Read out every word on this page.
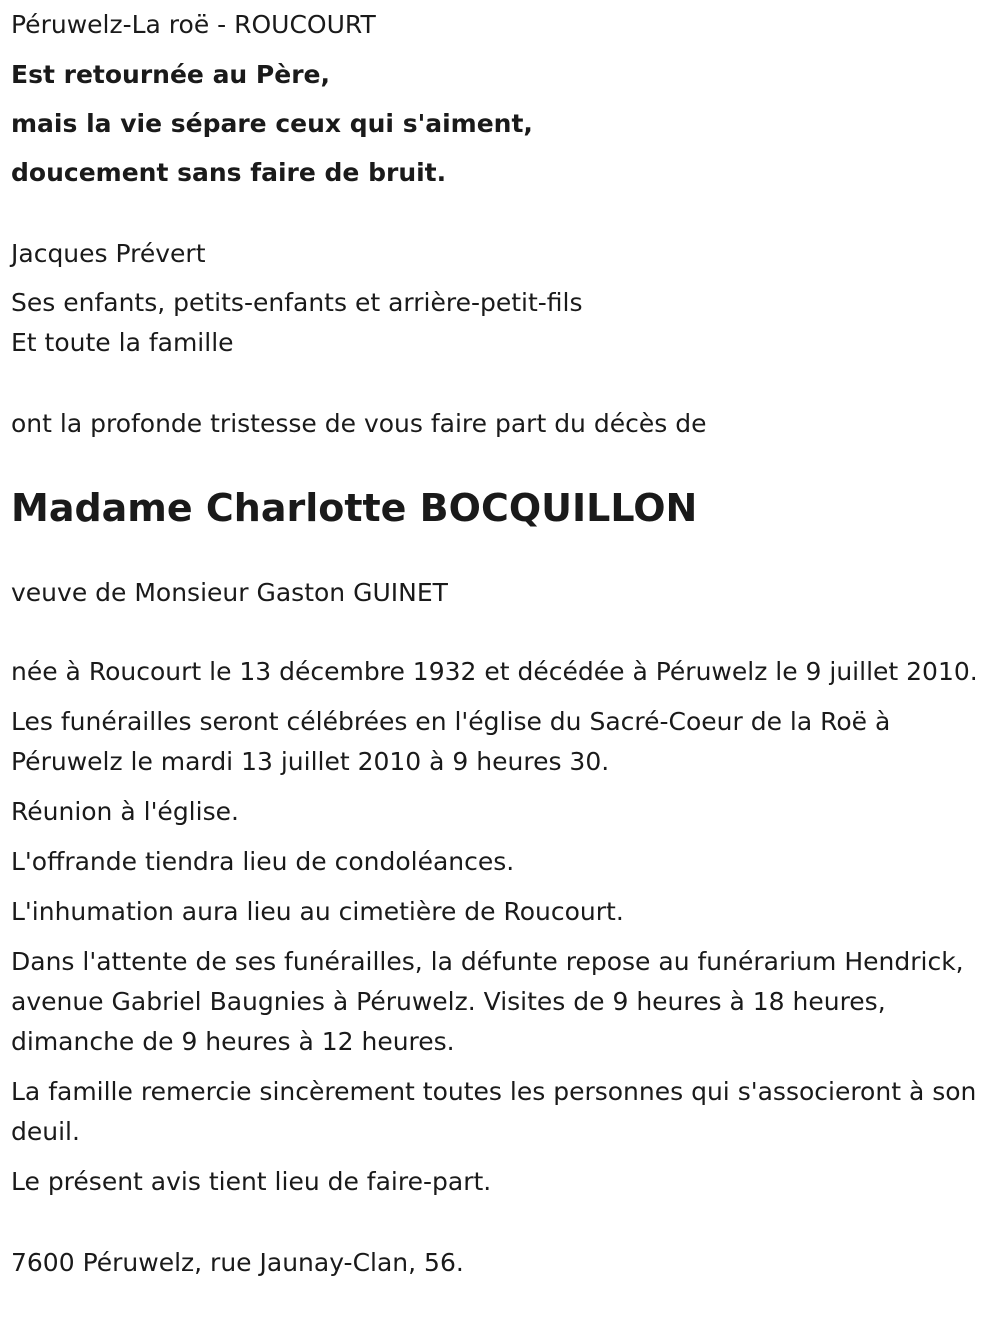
Péruwelz-La roë - ROUCOURT

Est retournée au Père,

mais la vie sépare ceux qui s'aiment,

doucement sans faire de bruit.

Jacques Prévert

Ses enfants, petits-enfants et arrière-petit-fils

Et toute la famille

ont la profonde tristesse de vous faire part du décès de

Madame Charlotte BOCQUILLON

veuve de Monsieur Gaston GUINET

née à Roucourt le 13 décembre 1932 et décédée à Péruwelz le 9 juillet 2010.

Les funérailles seront célébrées en l'église du Sacré-Coeur de la Roë à Péruwelz le mardi 13 juillet 2010 à 9 heures 30.

Réunion à l'église.

L'offrande tiendra lieu de condoléances.

L'inhumation aura lieu au cimetière de Roucourt.

Dans l'attente de ses funérailles, la défunte repose au funérarium Hendrick, avenue Gabriel Baugnies à Péruwelz. Visites de 9 heures à 18 heures, dimanche de 9 heures à 12 heures.

La famille remercie sincèrement toutes les personnes qui s'associeront à son deuil.

Le présent avis tient lieu de faire-part.

7600 Péruwelz, rue Jaunay-Clan, 56.
